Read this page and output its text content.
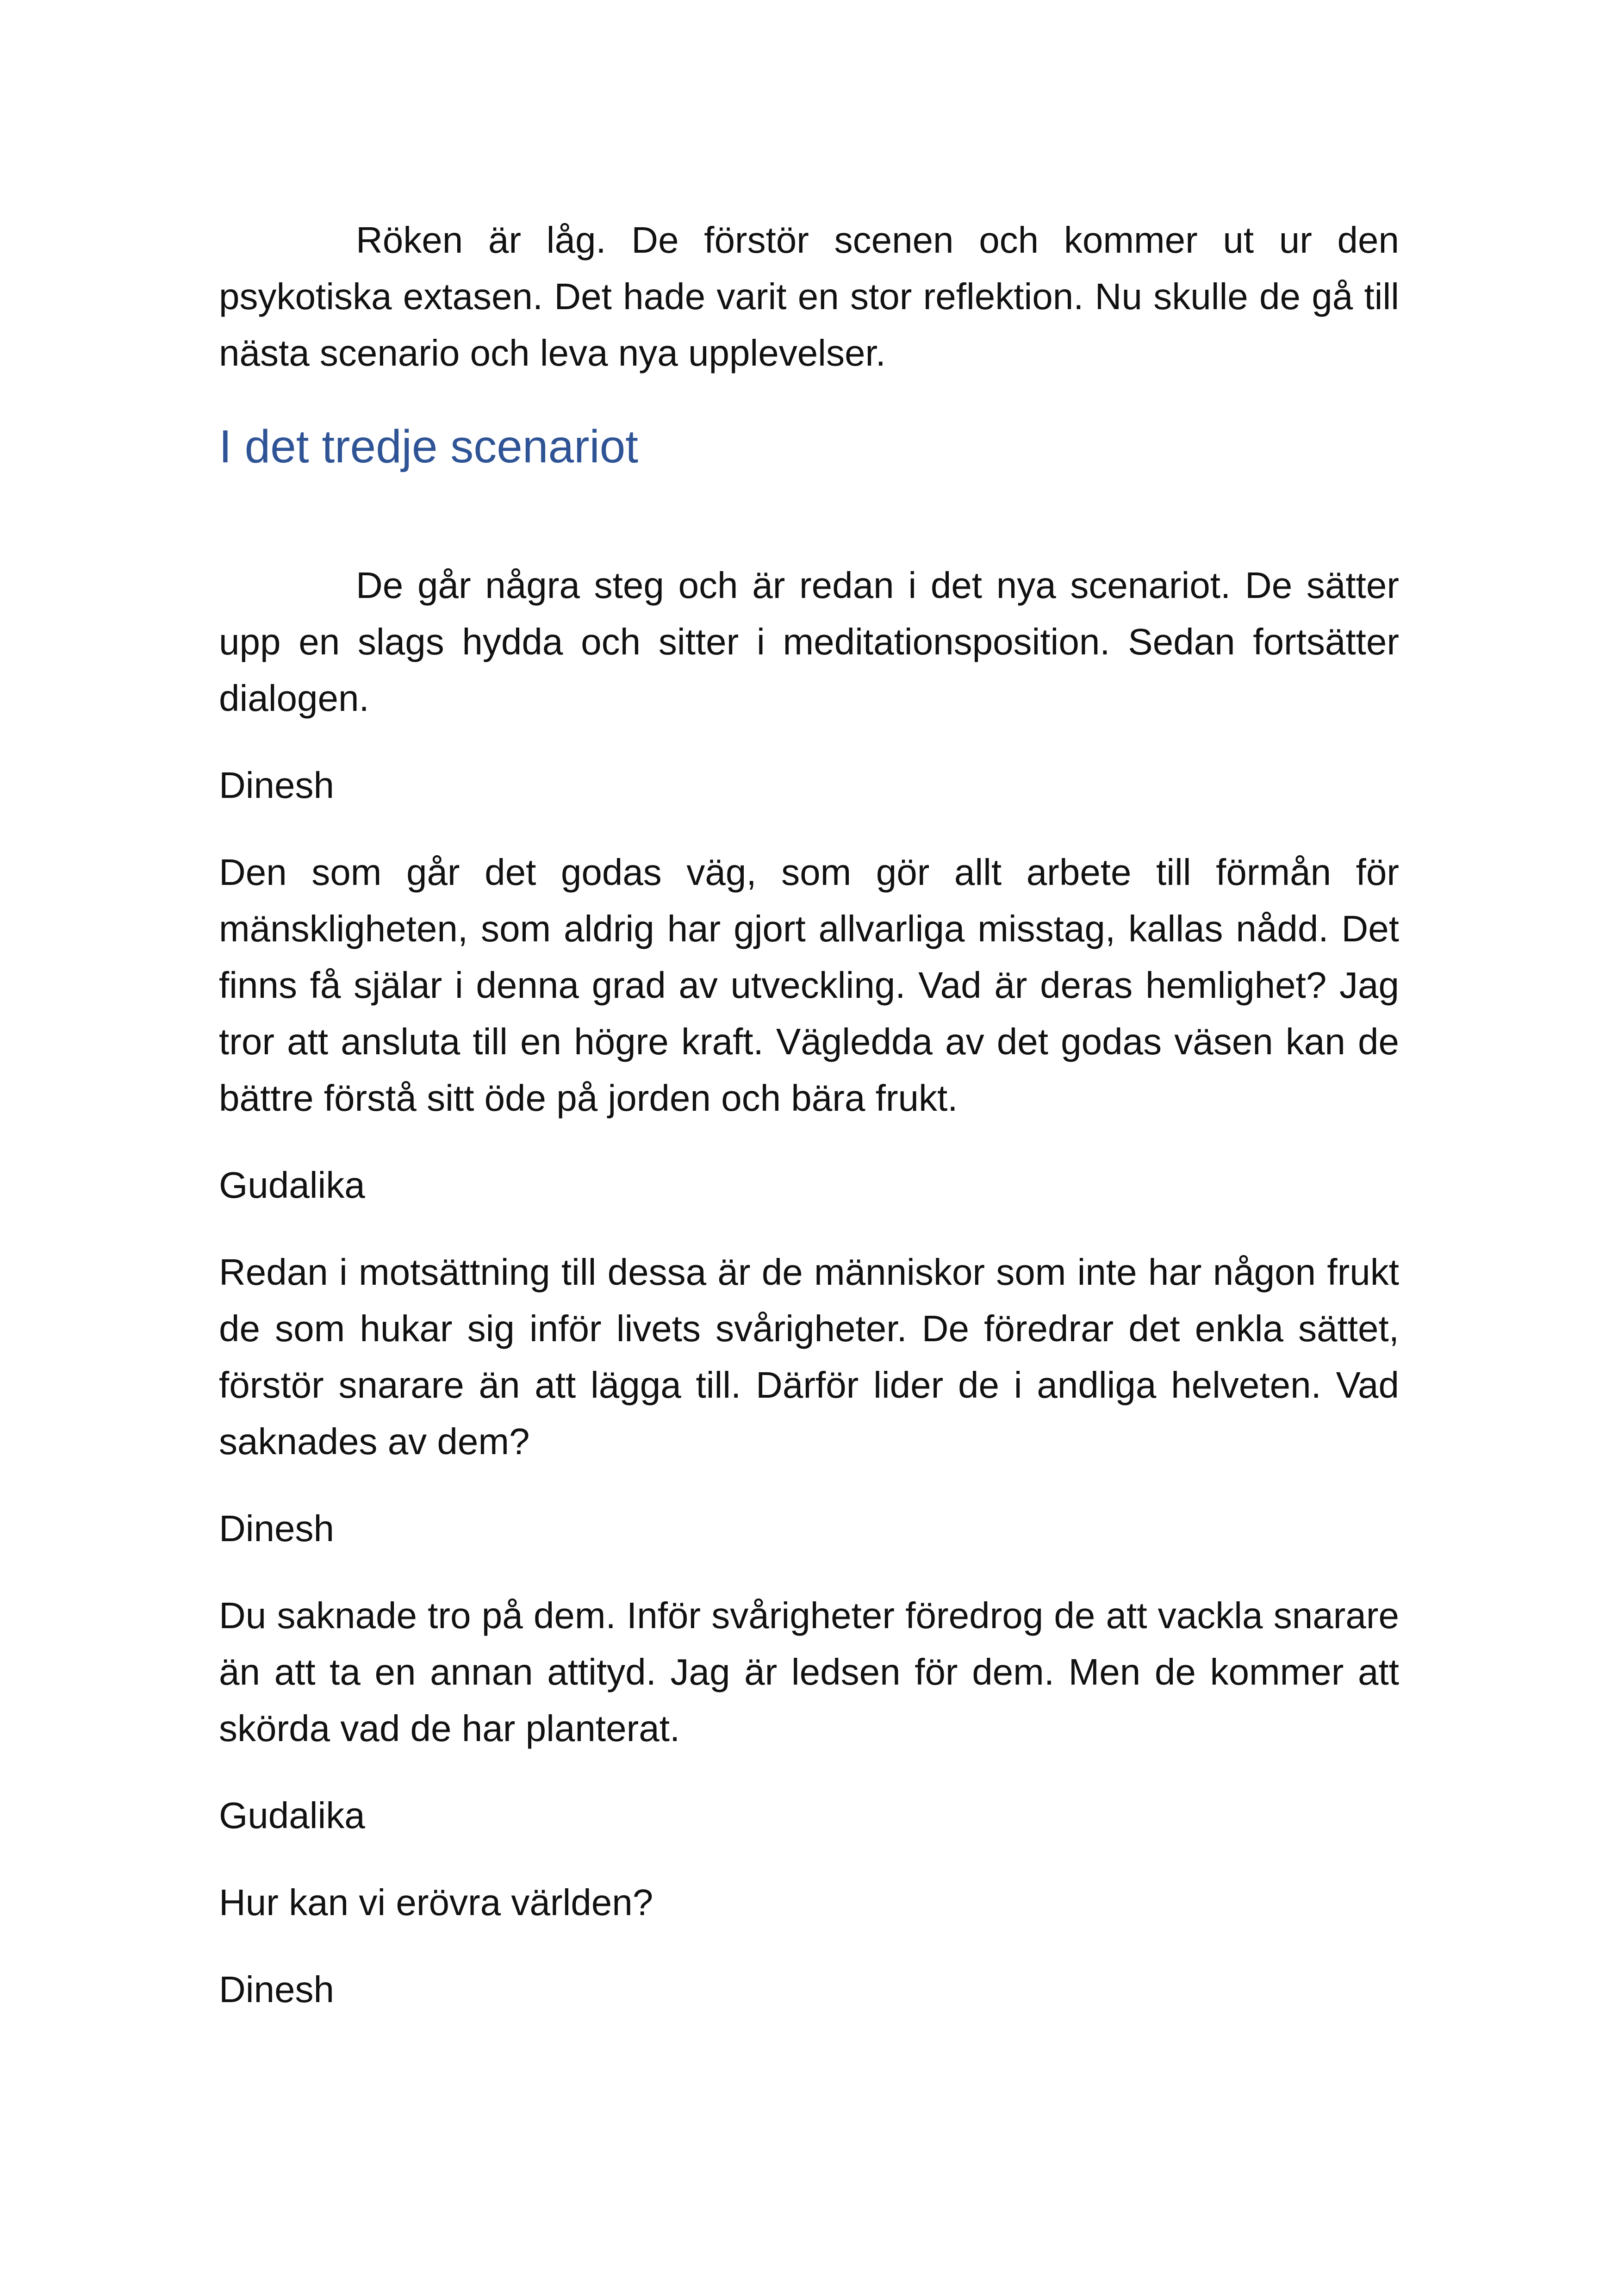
Röken är låg. De förstör scenen och kommer ut ur den psykotiska extasen. Det hade varit en stor reflektion. Nu skulle de gå till nästa scenario och leva nya upplevelser.

I det tredje scenariot

De går några steg och är redan i det nya scenariot. De sätter upp en slags hydda och sitter i meditationsposition. Sedan fortsätter dialogen.

Dinesh

Den som går det godas väg, som gör allt arbete till förmån för mänskligheten, som aldrig har gjort allvarliga misstag, kallas nådd. Det finns få själar i denna grad av utveckling. Vad är deras hemlighet? Jag tror att ansluta till en högre kraft. Vägledda av det godas väsen kan de bättre förstå sitt öde på jorden och bära frukt.

Gudalika

Redan i motsättning till dessa är de människor som inte har någon frukt de som hukar sig inför livets svårigheter. De föredrar det enkla sättet, förstör snarare än att lägga till. Därför lider de i andliga helveten. Vad saknades av dem?

Dinesh

Du saknade tro på dem. Inför svårigheter föredrog de att vackla snarare än att ta en annan attityd. Jag är ledsen för dem. Men de kommer att skörda vad de har planterat.

Gudalika

Hur kan vi erövra världen?

Dinesh
